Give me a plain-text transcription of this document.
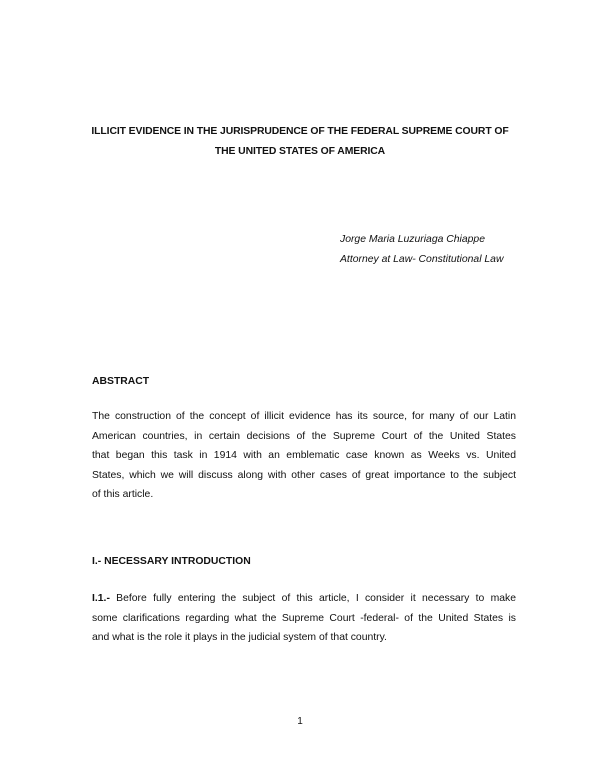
ILLICIT EVIDENCE IN THE JURISPRUDENCE OF THE FEDERAL SUPREME COURT OF
THE UNITED STATES OF AMERICA
Jorge Maria Luzuriaga Chiappe
Attorney at Law- Constitutional Law
ABSTRACT
The construction of the concept of illicit evidence has its source, for many of our Latin
American countries, in certain decisions of the Supreme Court of the United States
that began this task in 1914 with an emblematic case known as Weeks vs. United
States, which we will discuss along with other cases of great importance to the subject
of this article.
I.- NECESSARY INTRODUCTION
I.1.- Before fully entering the subject of this article, I consider it necessary to make
some clarifications regarding what the Supreme Court -federal- of the United States is
and what is the role it plays in the judicial system of that country.
1
